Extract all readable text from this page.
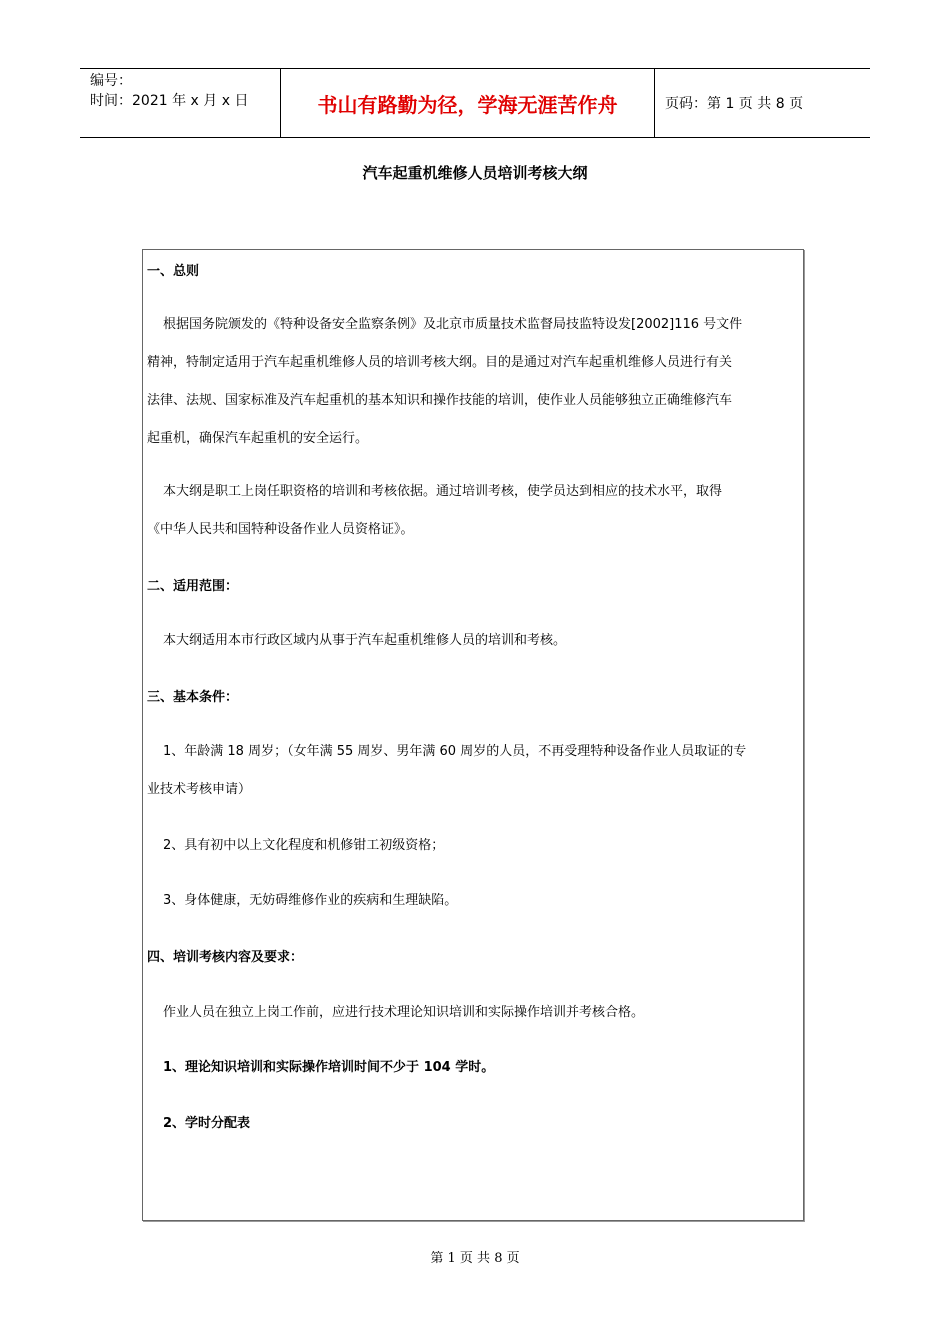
编号：
时间：2021 年 x 月 x 日	书山有路勤为径，学海无涯苦作舟	页码：第 1 页 共 8 页
汽车起重机维修人员培训考核大纲
一、总则
根据国务院颁发的《特种设备安全监察条例》及北京市质量技术监督局技监特设发[2002]116 号文件
精神，特制定适用于汽车起重机维修人员的培训考核大纲。目的是通过对汽车起重机维修人员进行有关
法律、法规、国家标准及汽车起重机的基本知识和操作技能的培训，使作业人员能够独立正确维修汽车
起重机，确保汽车起重机的安全运行。
本大纲是职工上岗任职资格的培训和考核依据。通过培训考核，使学员达到相应的技术水平，取得
《中华人民共和国特种设备作业人员资格证》。
二、适用范围：
本大纲适用本市行政区域内从事于汽车起重机维修人员的培训和考核。
三、基本条件：
1、年龄满 18 周岁；（女年满 55 周岁、男年满 60 周岁的人员，不再受理特种设备作业人员取证的专
业技术考核申请）
2、具有初中以上文化程度和机修钳工初级资格；
3、身体健康，无妨碍维修作业的疾病和生理缺陷。
四、培训考核内容及要求：
作业人员在独立上岗工作前，应进行技术理论知识培训和实际操作培训并考核合格。
1、理论知识培训和实际操作培训时间不少于 104 学时。
2、学时分配表
第 1 页 共 8 页
